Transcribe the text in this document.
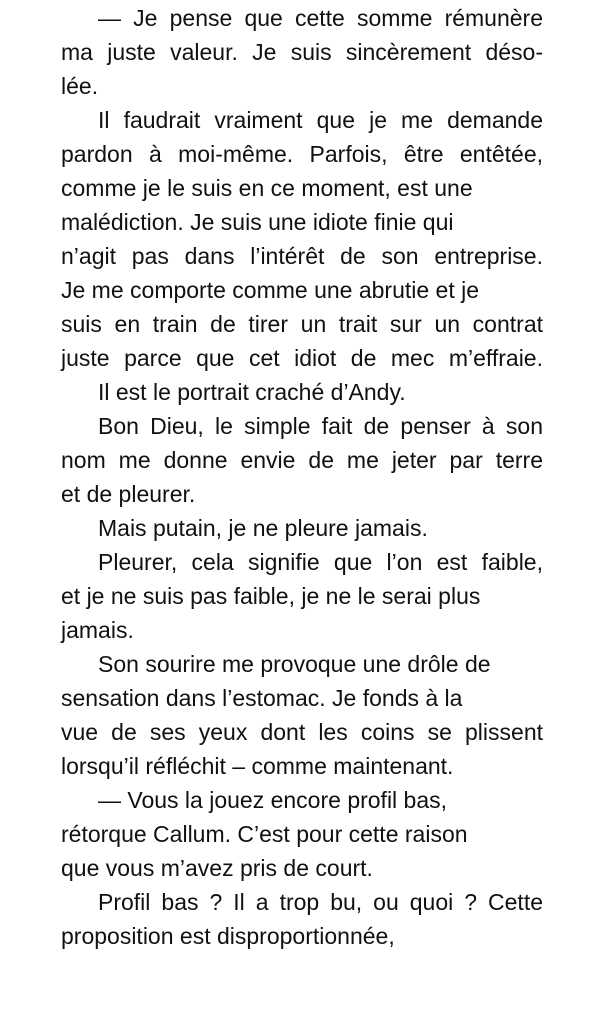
— Je pense que cette somme rémunère
ma juste valeur. Je suis sincèrement déso-
lée.
Il faudrait vraiment que je me demande
pardon à moi-même. Parfois, être entêtée,
comme je le suis en ce moment, est une
malédiction. Je suis une idiote finie qui
n’agit pas dans l’intérêt de son entreprise.
Je me comporte comme une abrutie et je
suis en train de tirer un trait sur un contrat
juste parce que cet idiot de mec m’effraie.
Il est le portrait craché d’Andy.
Bon Dieu, le simple fait de penser à son
nom me donne envie de me jeter par terre
et de pleurer.
Mais putain, je ne pleure jamais.
Pleurer, cela signifie que l’on est faible,
et je ne suis pas faible, je ne le serai plus
jamais.
Son sourire me provoque une drôle de
sensation dans l’estomac. Je fonds à la
vue de ses yeux dont les coins se plissent
lorsqu’il réfléchit – comme maintenant.
— Vous la jouez encore profil bas,
rétorque Callum. C’est pour cette raison
que vous m’avez pris de court.
Profil bas ? Il a trop bu, ou quoi ? Cette
proposition est disproportionnée,
